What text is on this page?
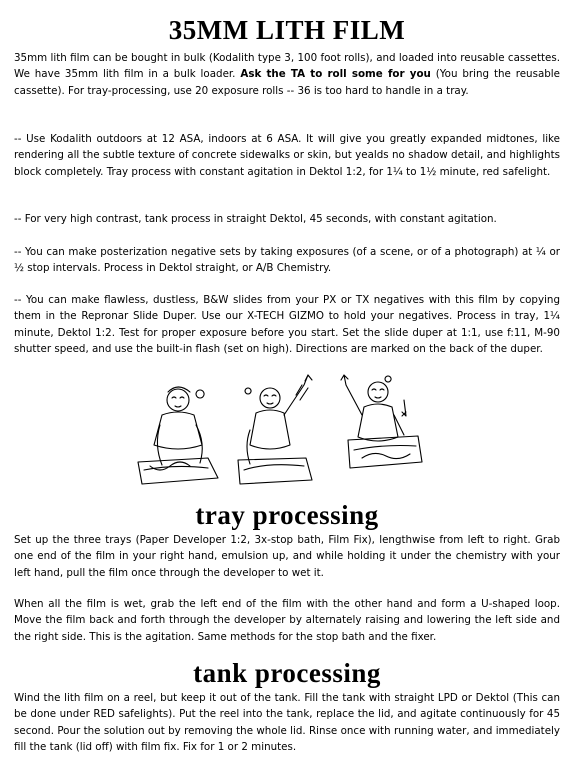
35MM LITH FILM

35mm lith film can be bought in bulk (Kodalith type 3, 100 foot rolls), and loaded into reusable cassettes. We have 35mm lith film in a bulk loader. Ask the TA to roll some for you (You bring the reusable cassette). For tray-processing, use 20 exposure rolls -- 36 is too hard to handle in a tray.

-- Use Kodalith outdoors at 12 ASA, indoors at 6 ASA. It will give you greatly expanded midtones, like rendering all the subtle texture of concrete sidewalks or skin, but yealds no shadow detail, and highlights block completely. Tray process with constant agitation in Dektol 1:2, for 1¼ to 1½ minute, red safelight.

-- For very high contrast, tank process in straight Dektol, 45 seconds, with constant agitation.

-- You can make posterization negative sets by taking exposures (of a scene, or of a photograph) at ¼ or ½ stop intervals. Process in Dektol straight, or A/B Chemistry.

-- You can make flawless, dustless, B&W slides from your PX or TX negatives with this film by copying them in the Repronar Slide Duper. Use our X-TECH GIZMO to hold your negatives. Process in tray, 1¼ minute, Dektol 1:2. Test for proper exposure before you start. Set the slide duper at 1:1, use f:11, M-90 shutter speed, and use the built-in flash (set on high). Directions are marked on the back of the duper.

tray processing

Set up the three trays (Paper Developer 1:2, 3x-stop bath, Film Fix), lengthwise from left to right. Grab one end of the film in your right hand, emulsion up, and while holding it under the chemistry with your left hand, pull the film once through the developer to wet it.

When all the film is wet, grab the left end of the film with the other hand and form a U-shaped loop. Move the film back and forth through the developer by alternately raising and lowering the left side and the right side. This is the agitation. Same methods for the stop bath and the fixer.

tank processing

Wind the lith film on a reel, but keep it out of the tank. Fill the tank with straight LPD or Dektol (This can be done under RED safelights). Put the reel into the tank, replace the lid, and agitate continuously for 45 second. Pour the solution out by removing the whole lid. Rinse once with running water, and immediately fill the tank (lid off) with film fix. Fix for 1 or 2 minutes.
